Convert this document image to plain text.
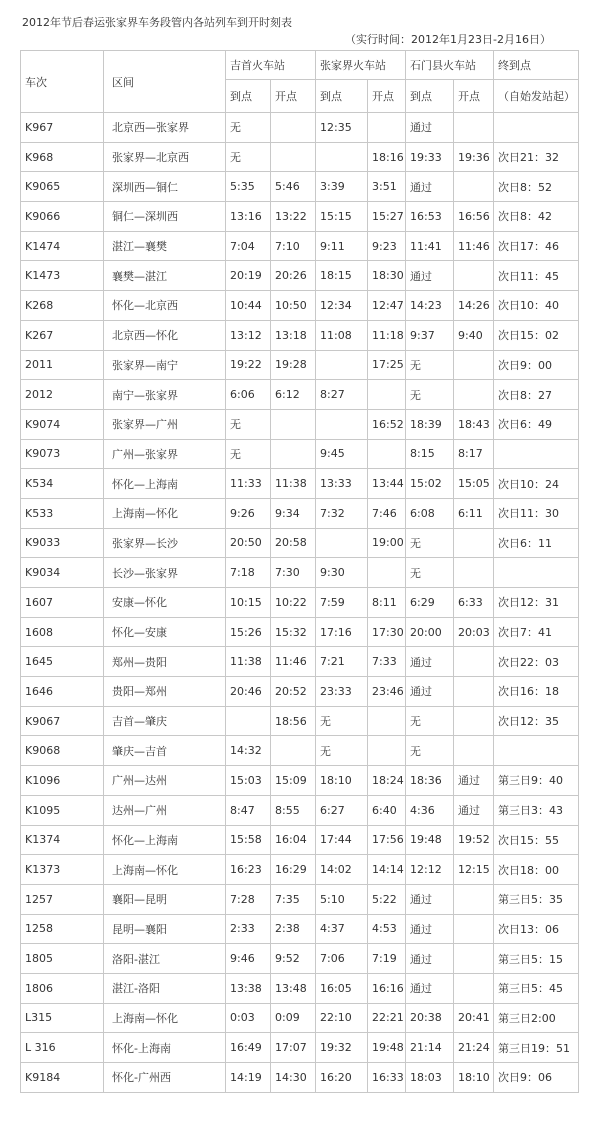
2012年节后春运张家界车务段管内各站列车到开时刻表
（实行时间：2012年1月23日-2月16日）
车次	区间	吉首火车站		张家界火车站		石门县火车站		终到点
		到点	开点	到点	开点	到点	开点	（自始发站起）
K967	北京西—张家界	无		12:35		通过		
K968	张家界—北京西	无			18:16	19:33	19:36	次日21：32
K9065	深圳西—铜仁	5:35	5:46	3:39	3:51	通过		次日8：52
K9066	铜仁—深圳西	13:16	13:22	15:15	15:27	16:53	16:56	次日8：42
K1474	湛江—襄樊	7:04	7:10	9:11	9:23	11:41	11:46	次日17：46
K1473	襄樊—湛江	20:19	20:26	18:15	18:30	通过		次日11：45
K268	怀化—北京西	10:44	10:50	12:34	12:47	14:23	14:26	次日10：40
K267	北京西—怀化	13:12	13:18	11:08	11:18	9:37	9:40	次日15：02
2011	张家界—南宁	19:22	19:28		17:25	无		次日9：00
2012	南宁—张家界	6:06	6:12	8:27		无		次日8：27
K9074	张家界—广州	无			16:52	18:39	18:43	次日6：49
K9073	广州—张家界	无		9:45		8:15	8:17	
K534	怀化—上海南	11:33	11:38	13:33	13:44	15:02	15:05	次日10：24
K533	上海南—怀化	9:26	9:34	7:32	7:46	6:08	6:11	次日11：30
K9033	张家界—长沙	20:50	20:58		19:00	无		次日6：11
K9034	长沙—张家界	7:18	7:30	9:30		无		
1607	安康—怀化	10:15	10:22	7:59	8:11	6:29	6:33	次日12：31
1608	怀化—安康	15:26	15:32	17:16	17:30	20:00	20:03	次日7：41
1645	郑州—贵阳	11:38	11:46	7:21	7:33	通过		次日22：03
1646	贵阳—郑州	20:46	20:52	23:33	23:46	通过		次日16：18
K9067	吉首—肇庆		18:56	无		无		次日12：35
K9068	肇庆—吉首	14:32		无		无		
K1096	广州—达州	15:03	15:09	18:10	18:24	18:36	通过	第三日9：40
K1095	达州—广州	8:47	8:55	6:27	6:40	4:36	通过	第三日3：43
K1374	怀化—上海南	15:58	16:04	17:44	17:56	19:48	19:52	次日15：55
K1373	上海南—怀化	16:23	16:29	14:02	14:14	12:12	12:15	次日18：00
1257	襄阳—昆明	7:28	7:35	5:10	5:22	通过		第三日5：35
1258	昆明—襄阳	2:33	2:38	4:37	4:53	通过		次日13：06
1805	洛阳-湛江	9:46	9:52	7:06	7:19	通过		第三日5：15
1806	湛江-洛阳	13:38	13:48	16:05	16:16	通过		第三日5：45
L315	上海南—怀化	0:03	0:09	22:10	22:21	20:38	20:41	第三日2:00
L 316	怀化-上海南	16:49	17:07	19:32	19:48	21:14	21:24	第三日19：51
K9184	怀化-广州西	14:19	14:30	16:20	16:33	18:03	18:10	次日9：06
